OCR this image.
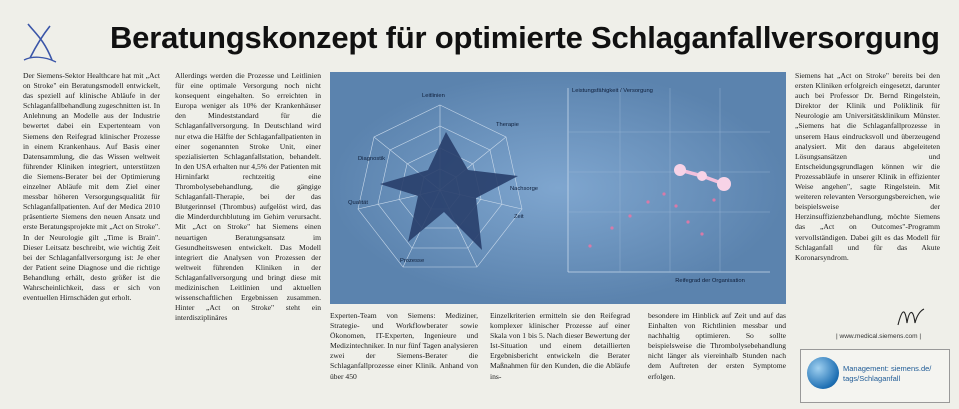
Beratungskonzept für optimierte Schlaganfallversorgung

Der Siemens-Sektor Healthcare hat mit „Act on Stroke" ein Beratungsmodell entwickelt, das speziell auf klinische Abläufe in der Schlaganfallbehandlung zugeschnitten ist. In Anlehnung an Modelle aus der Industrie bewertet dabei ein Expertenteam von Siemens den Reifegrad klinischer Prozesse in einem Krankenhaus. Auf Basis einer Datensammlung, die das Wissen weltweit führender Kliniken integriert, unterstützen die Siemens-Berater bei der Optimierung einzelner Abläufe mit dem Ziel einer messbar höheren Versorgungsqualität für Schlaganfallpatienten. Auf der Medica 2010 präsentierte Siemens den neuen Ansatz und erste Beratungsprojekte mit „Act on Stroke". In der Neurologie gilt „Time is Brain". Dieser Leitsatz beschreibt, wie wichtig Zeit bei der Schlaganfallversorgung ist: Je eher der Patient seine Diagnose und die richtige Behandlung erhält, desto größer ist die Wahrscheinlichkeit, dass er sich von eventuellen Hirnschäden gut erholt.

Allerdings werden die Prozesse und Leitlinien für eine optimale Versorgung noch nicht konsequent eingehalten. So erreichten in Europa weniger als 10% der Krankenhäuser den Mindeststandard für die Schlaganfallversorgung. In Deutschland wird nur etwa die Hälfte der Schlaganfallpatienten in einer sogenannten Stroke Unit, einer spezialisierten Schlaganfallstation, behandelt. In den USA erhalten nur 4,5% der Patienten mit Hirninfarkt rechtzeitig eine Thrombolysebehandlung, die gängige Schlaganfall-Therapie, bei der das Blutgerinnsel (Thrombus) aufgelöst wird, das die Minderdurchblutung im Gehirn verursacht. Mit „Act on Stroke" hat Siemens einen neuartigen Beratungsansatz im Gesundheitswesen entwickelt. Das Modell integriert die Analysen von Prozessen der weltweit führenden Kliniken in der Schlaganfallversorgung und bringt diese mit medizinischen Leitlinien und aktuellen wissenschaftlichen Ergebnissen zusammen. Hinter „Act on Stroke" steht ein interdisziplinäres

Leitlinien
Diagnostik
Therapie
Nachsorge
Qualität
Zeit
Prozesse
Leistungsfähigkeit / Versorgung
Reifegrad der Organisation

Experten-Team von Siemens: Mediziner, Strategie- und Workflowberater sowie Ökonomen, IT-Experten, Ingenieure und Medizintechniker. In nur fünf Tagen analysieren zwei der Siemens-Berater die Schlaganfallprozesse einer Klinik. Anhand von über 450

Einzelkriterien ermitteln sie den Reifegrad komplexer klinischer Prozesse auf einer Skala von 1 bis 5. Nach dieser Bewertung der Ist-Situation und einem detaillierten Ergebnisbericht entwickeln die Berater Maßnahmen für den Kunden, die die Abläufe ins-

besondere im Hinblick auf Zeit und auf das Einhalten von Richtlinien messbar und nachhaltig optimieren. So sollte beispielsweise die Thrombolysebehandlung nicht länger als viereinhalb Stunden nach dem Auftreten der ersten Symptome erfolgen.

Siemens hat „Act on Stroke" bereits bei den ersten Kliniken erfolgreich eingesetzt, darunter auch bei Professor Dr. Bernd Ringelstein, Direktor der Klinik und Poliklinik für Neurologie am Universitätsklinikum Münster. „Siemens hat die Schlaganfallprozesse in unserem Haus eindrucksvoll und überzeugend analysiert. Mit den daraus abgeleiteten Lösungsansätzen und Entscheidungsgrundlagen können wir die Prozessabläufe in unserer Klinik in effizienter Weise angehen", sagte Ringelstein. Mit weiteren relevanten Versorgungsbereichen, wie beispielsweise der Herzinsuffizienzbehandlung, möchte Siemens das „Act on Outcomes"-Programm vervollständigen. Dabei gilt es das Modell für Schlaganfall und für das Akute Koronarsyndrom.

| www.medical.siemens.com |
Management: siemens.de/
tags/Schlaganfall
